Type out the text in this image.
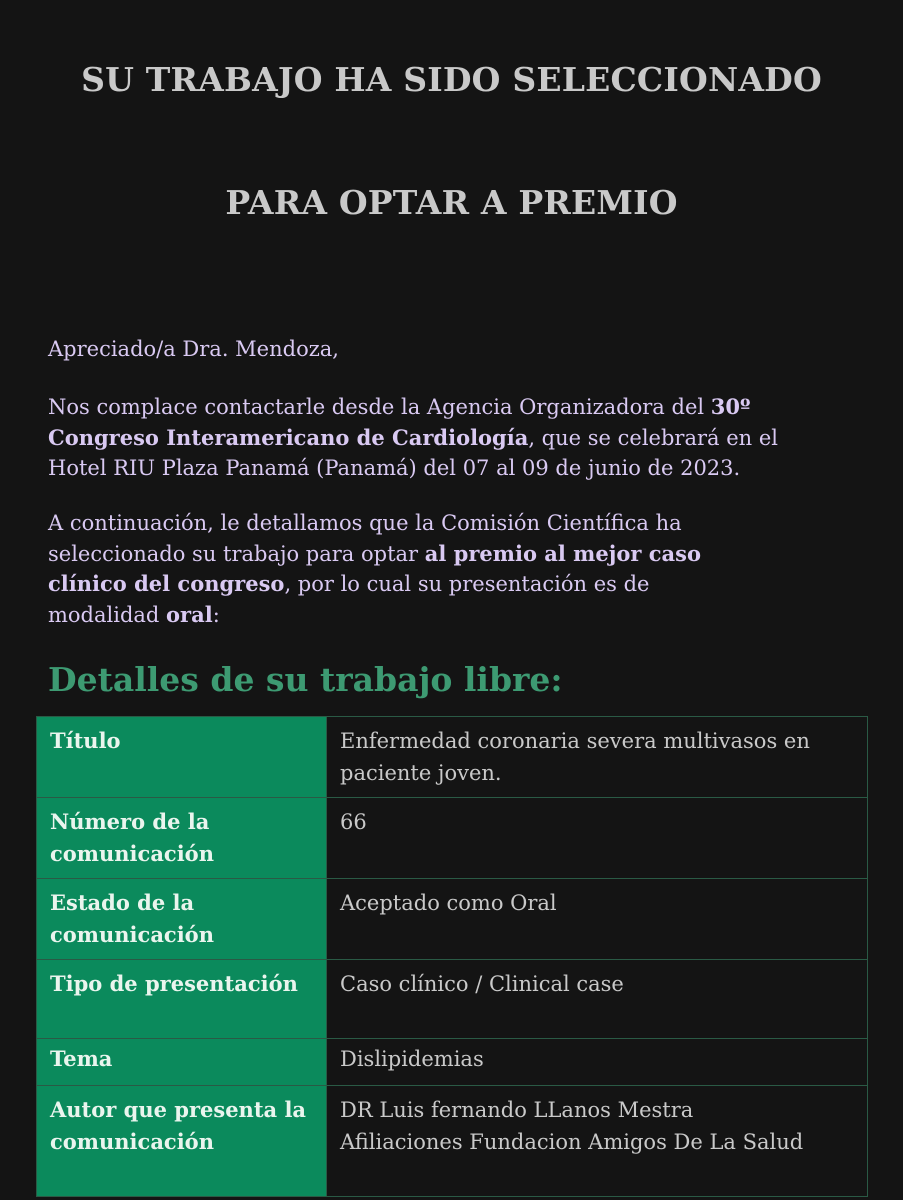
SU TRABAJO HA SIDO SELECCIONADO
PARA OPTAR A PREMIO
Apreciado/a Dra. Mendoza,
Nos complace contactarle desde la Agencia Organizadora del 30º
Congreso Interamericano de Cardiología, que se celebrará en el
Hotel RIU Plaza Panamá (Panamá) del 07 al 09 de junio de 2023.
A continuación, le detallamos que la Comisión Científica ha
seleccionado su trabajo para optar al premio al mejor caso
clínico del congreso, por lo cual su presentación es de
modalidad oral:
Detalles de su trabajo libre:
Título	Enfermedad coronaria severa multivasos en paciente joven.
Número de la comunicación	66
Estado de la comunicación	Aceptado como Oral
Tipo de presentación	Caso clínico / Clinical case
Tema	Dislipidemias
Autor que presenta la comunicación	DR Luis fernando LLanos Mestra
Afiliaciones Fundacion Amigos De La Salud
